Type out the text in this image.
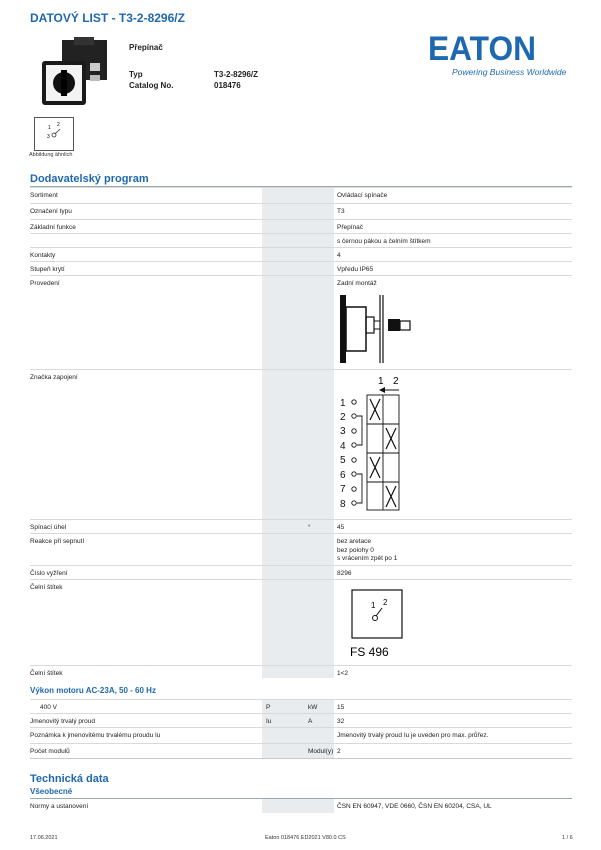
DATOVÝ LIST - T3-2-8296/Z
Přepínač
Typ	T3-2-8296/Z
Catalog No.	018476
1 2
3
Abbildung ähnlich
EATON
Powering Business Worldwide
Dodavatelský program
Sortiment	Ovládací spínače
Označení typu	T3
Základní funkce	Přepínač
s černou pákou a čelním štítkem
Kontakty	4
Stupeň krytí	Vpředu IP65
Provedení	Zadní montáž
Značka zapojení	1 2
1
2
3
4
5
6
7
8
Spínací úhel	°	45
Reakce při sepnutí	bez aretace
bez polohy 0
s vrácením zpět po 1
Číslo vyžření	8296
Čelní štítek
1 2
FS 496
Čelní štítek	1<2
Výkon motoru AC-23A, 50 - 60 Hz
400 V	P	kW	15
Jmenovitý trvalý proud	Iu	A	32
Poznámka k jmenovitému trvalému proudu Iu	Jmenovitý trvalý proud Iu je uveden pro max. průřez.
Počet modulů	Modul(y) 2
Technická data
Všeobecné
Normy a ustanovení	ČSN EN 60947, VDE 0660, ČSN EN 60204, CSA, UL
17.06.2021	Eaton 018476 ED2021 V80.0 CS	1 / 6
